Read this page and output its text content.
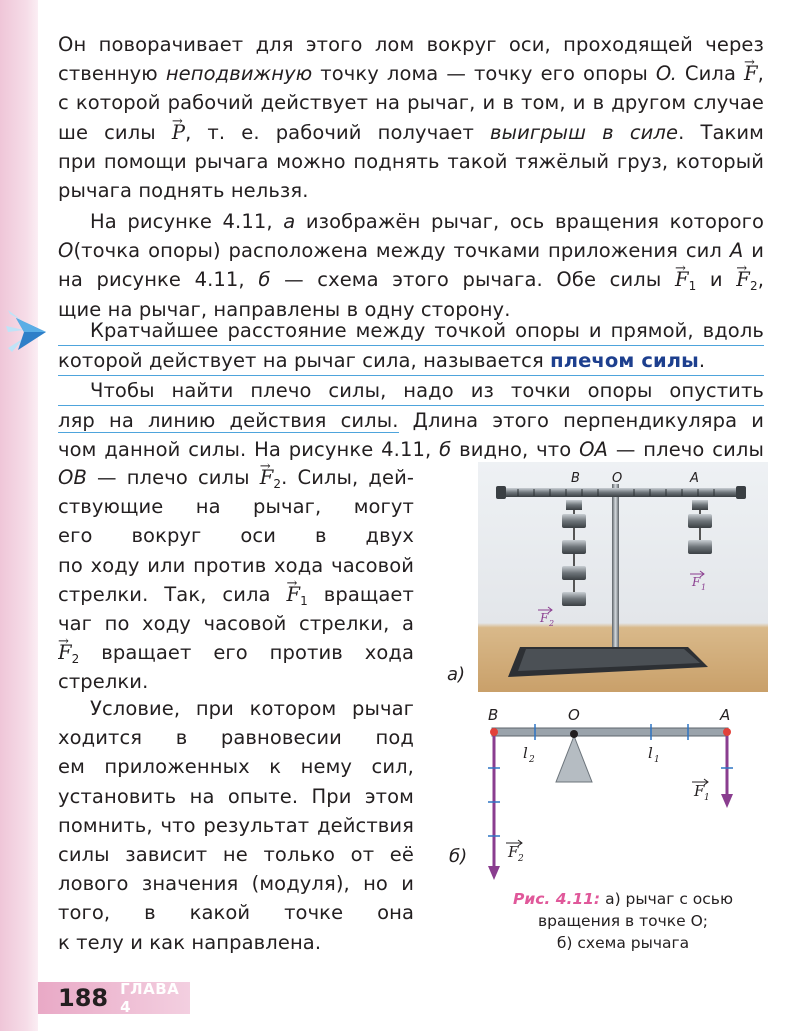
Он поворачивает для этого лом вокруг оси, проходящей через
ственную неподвижную точку лома — точку его опоры O. Сила → F,
с которой рабочий действует на рычаг, и в том, и в другом случае
ше силы → P, т. е. рабочий получает выигрыш в силе. Таким
при помощи рычага можно поднять такой тяжёлый груз, который
рычага поднять нельзя.
На рисунке 4.11, а изображён рычаг, ось вращения которого
O(точка опоры) расположена между точками приложения сил A и
на рисунке 4.11, б — схема этого рычага. Обе силы → $F_1$ $и \to F_2$,
щие на рычаг, направлены в одну сторону.
Кратчайшее расстояние между точкой опоры и прямой, вдоль
которой действует на рычаг сила, называется плечом силы.
Чтобы найти плечо силы, надо из точки опоры опустить
ляр на линию действия силы. Длина этого перпендикуляра и
чом данной силы. На рисунке 4.11, б видно, что OA — плечо силы
OB — плечо силы → $F_2$. Силы, дей-
ствующие на рычаг, могут
его вокруг оси в двух
по ходу или против хода часовой
стрелки. Так, сила → $F_1$ вращает
чаг по ходу часовой стрелки, а
→ $F_2$ вращает его против хода
стрелки.
Условие, при котором рычаг
ходится в равновесии под
ем приложенных к нему сил,
установить на опыте. При этом
помнить, что результат действия
силы зависит не только от её
лового значения (модуля), но и
того, в какой точке она
к телу и как направлена.
B O	A
F 1
F 2
а)
B	O	A
l 2	l 1
F 1
F 2
б)
Рис. 4.11: а) рычаг с осью
вращения в точке O;
б) схема рычага
188 ГЛАВА 4
